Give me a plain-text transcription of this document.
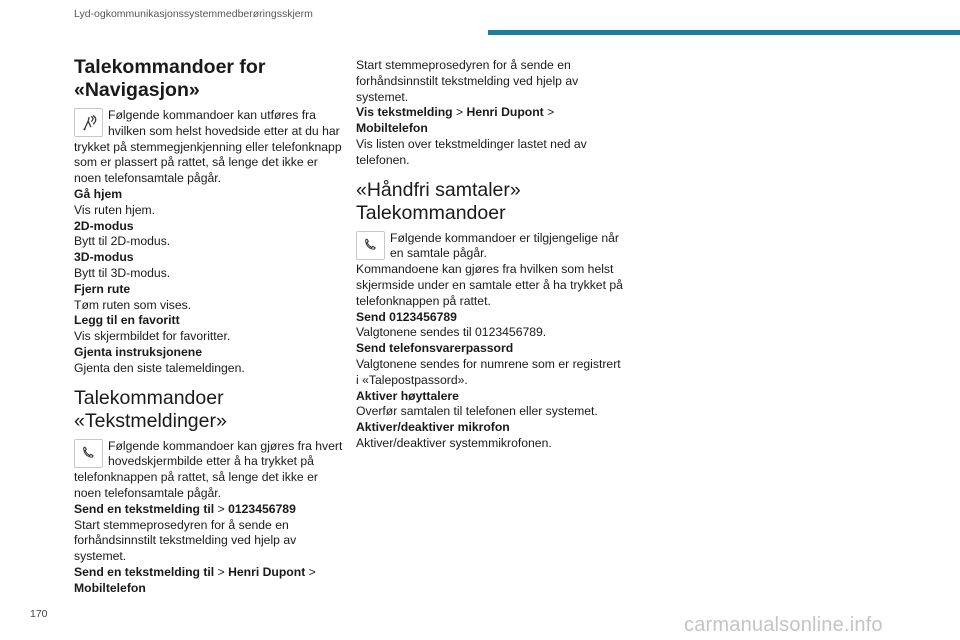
Lyd-ogkommunikasjonssystemmedberøringsskjerm
Talekommandoer for
«Navigasjon»
Følgende kommandoer kan utføres fra hvilken som helst hovedside etter at du har trykket på stemmegjenkjenning eller telefonknapp som er plassert på rattet, så lenge det ikke er noen telefonsamtale pågår.
Gå hjem
Vis ruten hjem.
2D-modus
Bytt til 2D-modus.
3D-modus
Bytt til 3D-modus.
Fjern rute
Tøm ruten som vises.
Legg til en favoritt
Vis skjermbildet for favoritter.
Gjenta instruksjonene
Gjenta den siste talemeldingen.
Talekommandoer
«Tekstmeldinger»
Følgende kommandoer kan gjøres fra hvert hovedskjermbilde etter å ha trykket på telefonknappen på rattet, så lenge det ikke er noen telefonsamtale pågår.
Send en tekstmelding til > 0123456789
Start stemmeprosedyren for å sende en forhåndsinnstilt tekstmelding ved hjelp av systemet.
Send en tekstmelding til > Henri Dupont >
Mobiltelefon
Start stemmeprosedyren for å sende en forhåndsinnstilt tekstmelding ved hjelp av systemet.
Vis tekstmelding > Henri Dupont >
Mobiltelefon
Vis listen over tekstmeldinger lastet ned av telefonen.
«Håndfri samtaler»
Talekommandoer
Følgende kommandoer er tilgjengelige når en samtale pågår.
Kommandoene kan gjøres fra hvilken som helst skjermside under en samtale etter å ha trykket på telefonknappen på rattet.
Send 0123456789
Valgtonene sendes til 0123456789.
Send telefonsvarerpassord
Valgtonene sendes for numrene som er registrert i «Talepostpassord».
Aktiver høyttalere
Overfør samtalen til telefonen eller systemet.
Aktiver/deaktiver mikrofon
Aktiver/deaktiver systemmikrofonen.
170	carmanualsonline.info
